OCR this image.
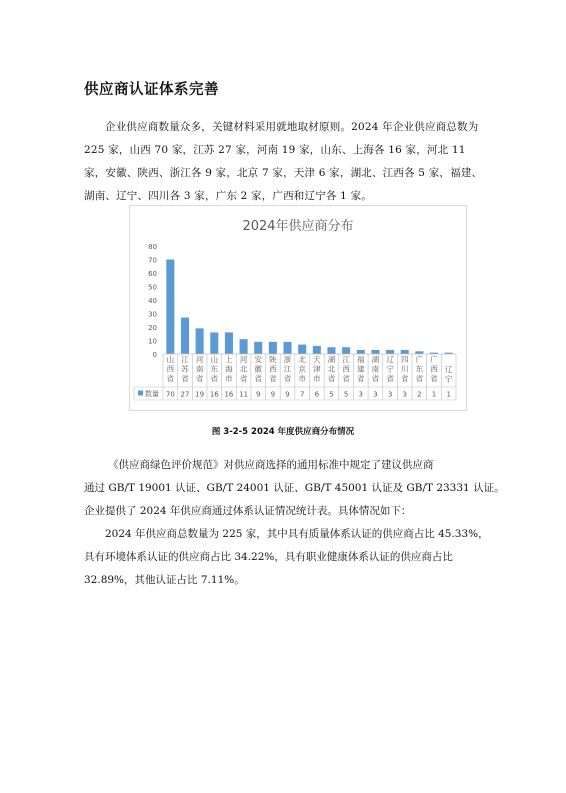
供应商认证体系完善

企业供应商数量众多，关键材料采用就地取材原则。2024 年企业供应商总数为 225 家，山西 70 家，江苏 27 家，河南 19 家，山东、上海各 16 家，河北 11 家，安徽、陕西、浙江各 9 家，北京 7 家，天津 6 家，湖北、江西各 5 家，福建、湖南、辽宁、四川各 3 家，广东 2 家，广西和辽宁各 1 家。

2024年供应商分布
0
10
20
30
40
50
60
70
80
山西省
江苏省
河南省
山东省
上海市
河北省
安徽省
陕西省
浙江省
北京市
天津市
湖北省
江西省
福建省
湖南省
辽宁省
四川省
广东省
广西省
辽宁
数量 70 27 19 16 16 11 9 9 9 7 6 5 5 3 3 3 3 2 1 1
图 3-2-5 2024 年度供应商分布情况
《供应商绿色评价规范》对供应商选择的通用标准中规定了建议供应商
通过 GB/T 19001 认证、GB/T 24001 认证、GB/T 45001 认证及 GB/T 23331 认证。
企业提供了 2024 年供应商通过体系认证情况统计表。具体情况如下：
2024 年供应商总数量为 225 家，其中具有质量体系认证的供应商占比 45.33%，
具有环境体系认证的供应商占比 34.22%，具有职业健康体系认证的供应商占比
32.89%，其他认证占比 7.11%。
